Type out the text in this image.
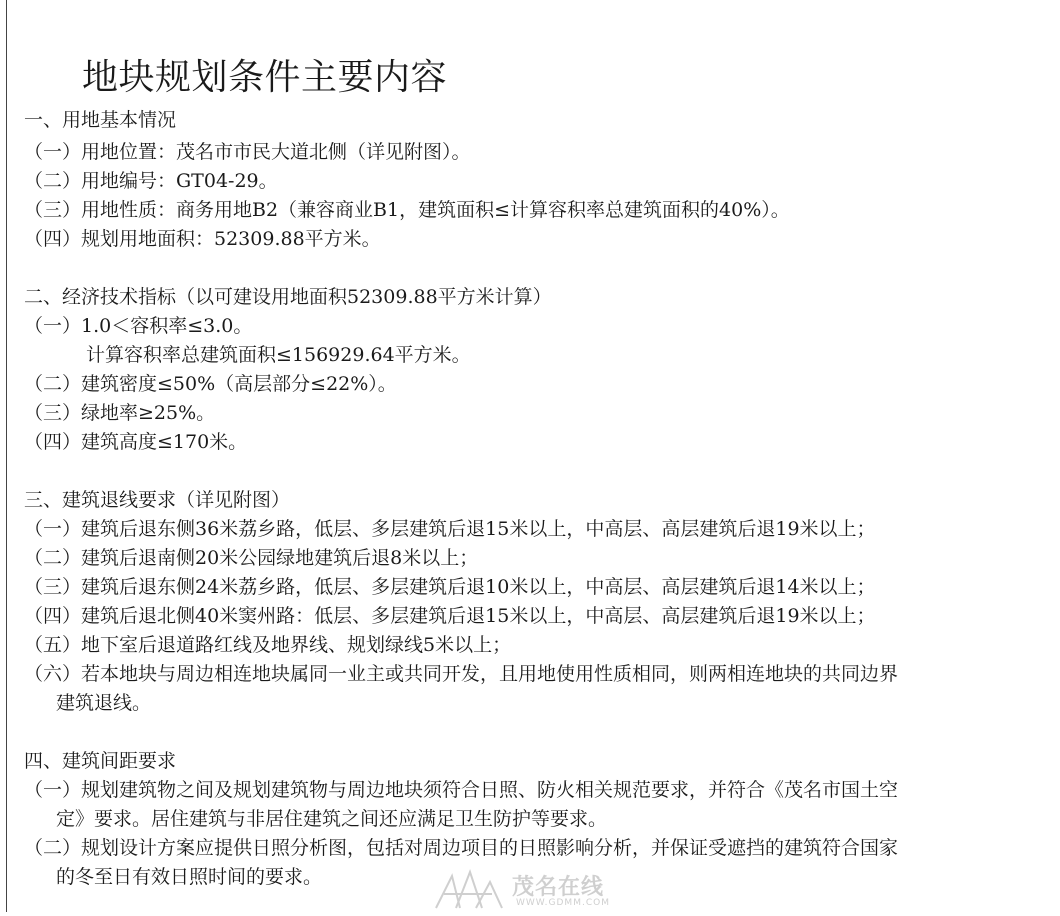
地块规划条件主要内容
一、用地基本情况
（一）用地位置：茂名市市民大道北侧（详见附图）。
（二）用地编号：GT04-29。
（三）用地性质：商务用地B2（兼容商业B1，建筑面积≤计算容积率总建筑面积的40%）。
（四）规划用地面积：52309.88平方米。
二、经济技术指标（以可建设用地面积52309.88平方米计算）
（一）1.0＜容积率≤3.0。
计算容积率总建筑面积≤156929.64平方米。
（二）建筑密度≤50%（高层部分≤22%）。
（三）绿地率≥25%。
（四）建筑高度≤170米。
三、建筑退线要求（详见附图）
（一）建筑后退东侧36米荔乡路，低层、多层建筑后退15米以上，中高层、高层建筑后退19米以上；
（二）建筑后退南侧20米公园绿地建筑后退8米以上；
（三）建筑后退东侧24米荔乡路，低层、多层建筑后退10米以上，中高层、高层建筑后退14米以上；
（四）建筑后退北侧40米窦州路：低层、多层建筑后退15米以上，中高层、高层建筑后退19米以上；
（五）地下室后退道路红线及地界线、规划绿线5米以上；
（六）若本地块与周边相连地块属同一业主或共同开发，且用地使用性质相同，则两相连地块的共同边界
建筑退线。
四、建筑间距要求
（一）规划建筑物之间及规划建筑物与周边地块须符合日照、防火相关规范要求，并符合《茂名市国土空
定》要求。居住建筑与非居住建筑之间还应满足卫生防护等要求。
（二）规划设计方案应提供日照分析图，包括对周边项目的日照影响分析，并保证受遮挡的建筑符合国家
的冬至日有效日照时间的要求。	茂名在线
WWW.GDMM.COM
